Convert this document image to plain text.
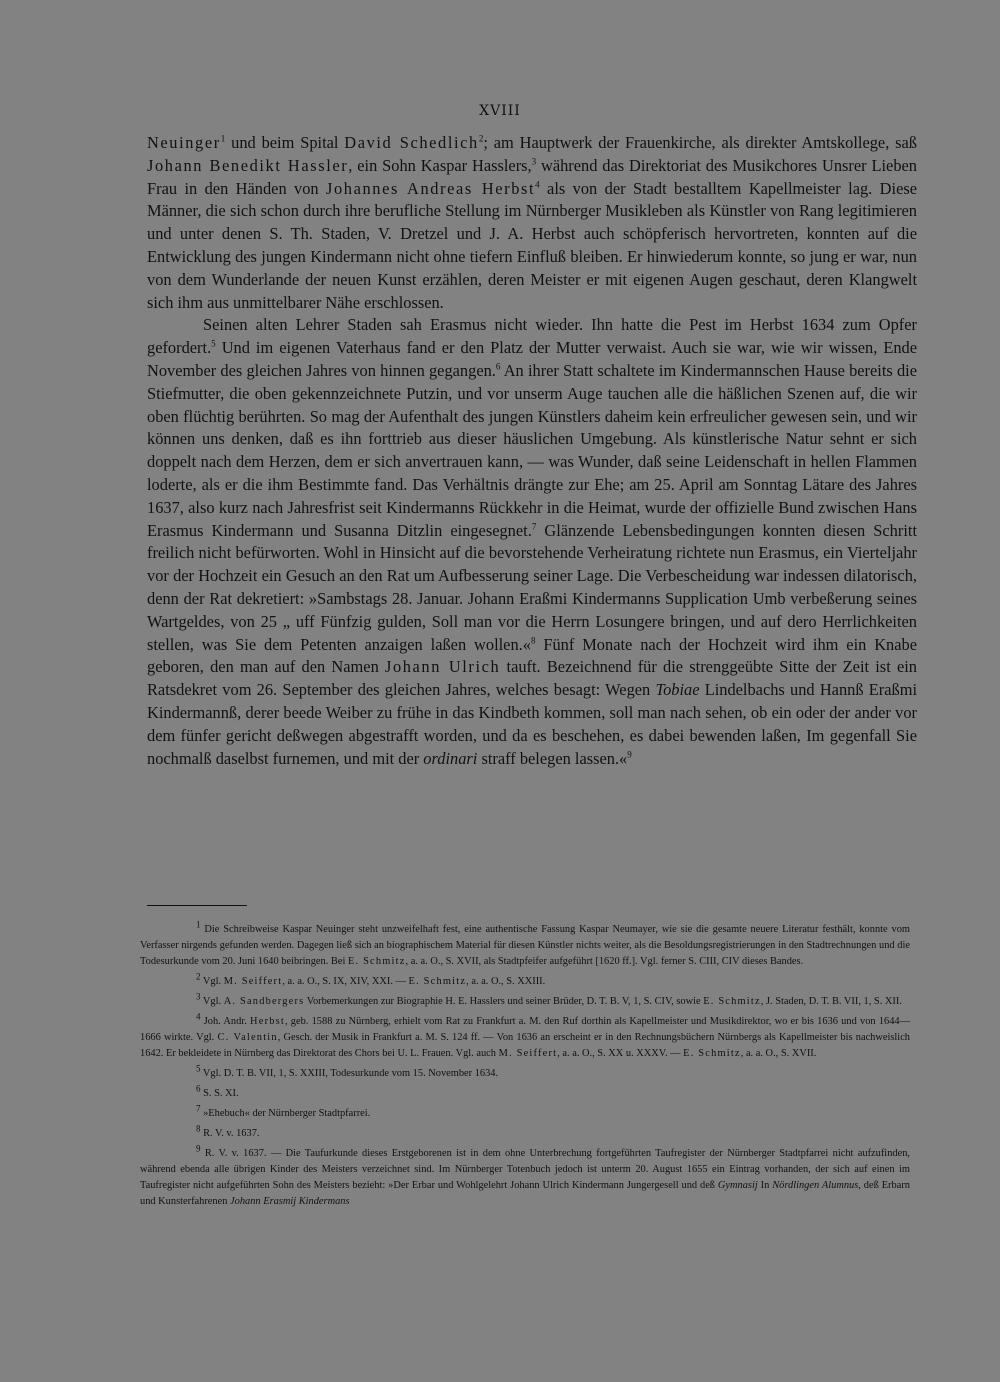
XVIII

Neuinger$^1$ und beim Spital David Schedlich$^2$; am Hauptwerk der Frauenkirche, als direkter Amtskollege, saß Johann Benedikt Hassler, ein Sohn Kaspar Hasslers,$^3$ während das Direktoriat des Musikchores Unsrer Lieben Frau in den Händen von Johannes Andreas Herbst$^4$ als von der Stadt bestalltem Kapellmeister lag. Diese Männer, die sich schon durch ihre berufliche Stellung im Nürnberger Musikleben als Künstler von Rang legitimieren und unter denen S. Th. Staden, V. Dretzel und J. A. Herbst auch schöpferisch hervortreten, konnten auf die Entwicklung des jungen Kindermann nicht ohne tiefern Einfluß bleiben. Er hinwiederum konnte, so jung er war, nun von dem Wunderlande der neuen Kunst erzählen, deren Meister er mit eigenen Augen geschaut, deren Klangwelt sich ihm aus unmittelbarer Nähe erschlossen.

Seinen alten Lehrer Staden sah Erasmus nicht wieder. Ihn hatte die Pest im Herbst 1634 zum Opfer gefordert.$^5$ Und im eigenen Vaterhaus fand er den Platz der Mutter verwaist. Auch sie war, wie wir wissen, Ende November des gleichen Jahres von hinnen gegangen.$^6$ An ihrer Statt schaltete im Kindermannschen Hause bereits die Stiefmutter, die oben gekennzeichnete Putzin, und vor unserm Auge tauchen alle die häßlichen Szenen auf, die wir oben flüchtig berührten. So mag der Aufenthalt des jungen Künstlers daheim kein erfreulicher gewesen sein, und wir können uns denken, daß es ihn forttrieb aus dieser häuslichen Umgebung. Als künstlerische Natur sehnt er sich doppelt nach dem Herzen, dem er sich anvertrauen kann, — was Wunder, daß seine Leidenschaft in hellen Flammen loderte, als er die ihm Bestimmte fand. Das Verhältnis drängte zur Ehe; am 25. April am Sonntag Lätare des Jahres 1637, also kurz nach Jahresfrist seit Kindermanns Rückkehr in die Heimat, wurde der offizielle Bund zwischen Hans Erasmus Kindermann und Susanna Ditzlin eingesegnet.$^7$ Glänzende Lebensbedingungen konnten diesen Schritt freilich nicht befürworten. Wohl in Hinsicht auf die bevorstehende Verheiratung richtete nun Erasmus, ein Vierteljahr vor der Hochzeit ein Gesuch an den Rat um Aufbesserung seiner Lage. Die Verbescheidung war indessen dilatorisch, denn der Rat dekretiert: »Sambstags 28. Januar. Johann Eraßmi Kindermanns Supplication Umb verbeßerung seines Wartgeldes, von 25 „ uff Fünfzig gulden, Soll man vor die Herrn Losungere bringen, und auf dero Herrlichkeiten stellen, was Sie dem Petenten anzaigen laßen wollen.«$^8$ Fünf Monate nach der Hochzeit wird ihm ein Knabe geboren, den man auf den Namen Johann Ulrich tauft. Bezeichnend für die strenggeübte Sitte der Zeit ist ein Ratsdekret vom 26. September des gleichen Jahres, welches besagt: Wegen Tobiae Lindelbachs und Hannß Eraßmi Kindermannß, derer beede Weiber zu frühe in das Kindbeth kommen, soll man nach sehen, ob ein oder der ander vor dem fünfer gericht deßwegen abgestrafft worden, und da es beschehen, es dabei bewenden laßen, Im gegenfall Sie nochmalß daselbst furnemen, und mit der ordinari straff belegen lassen.«$^9$

$^1$ Die Schreibweise Kaspar Neuinger steht unzweifelhaft fest, eine authentische Fassung Kaspar Neumayer, wie sie die gesamte neuere Literatur festhält, konnte vom Verfasser nirgends gefunden werden. Dagegen ließ sich an biographischem Material für diesen Künstler nichts weiter, als die Besoldungsregistrierungen in den Stadtrechnungen und die Todesurkunde vom 20. Juni 1640 beibringen. Bei E. Schmitz, a. a. O., S. XVII, als Stadtpfeifer aufgeführt [1620 ff.]. Vgl. ferner S. CIII, CIV dieses Bandes.

$^2$ Vgl. M. Seiffert, a. a. O., S. IX, XIV, XXI. — E. Schmitz, a. a. O., S. XXIII.

$^3$ Vgl. A. Sandbergers Vorbemerkungen zur Biographie H. E. Hasslers und seiner Brüder, D. T. B. V, 1, S. CIV, sowie E. Schmitz, J. Staden, D. T. B. VII, 1, S. XII.

$^4$ Joh. Andr. Herbst, geb. 1588 zu Nürnberg, erhielt vom Rat zu Frankfurt a. M. den Ruf dorthin als Kapellmeister und Musikdirektor, wo er bis 1636 und von 1644—1666 wirkte. Vgl. C. Valentin, Gesch. der Musik in Frankfurt a. M. S. 124 ff. — Von 1636 an erscheint er in den Rechnungsbüchern Nürnbergs als Kapellmeister bis nachweislich 1642. Er bekleidete in Nürnberg das Direktorat des Chors bei U. L. Frauen. Vgl. auch M. Seiffert, a. a. O., S. XX u. XXXV. — E. Schmitz, a. a. O., S. XVII.

$^5$ Vgl. D. T. B. VII, 1, S. XXIII, Todesurkunde vom 15. November 1634.

$^6$ S. S. XI.

$^7$ »Ehebuch« der Nürnberger Stadtpfarrei.

$^8$ R. V. v. 1637.

$^9$ R. V. v. 1637. — Die Taufurkunde dieses Erstgeborenen ist in dem ohne Unterbrechung fortgeführten Taufregister der Nürnberger Stadtpfarrei nicht aufzufinden, während ebenda alle übrigen Kinder des Meisters verzeichnet sind. Im Nürnberger Totenbuch jedoch ist unterm 20. August 1655 ein Eintrag vorhanden, der sich auf einen im Taufregister nicht aufgeführten Sohn des Meisters bezieht: »Der Erbar und Wohlgelehrt Johann Ulrich Kindermann Jungergesell und deß Gymnasij In Nördlingen Alumnus, deß Erbarn und Kunsterfahrenen Johann Erasmij Kindermans
